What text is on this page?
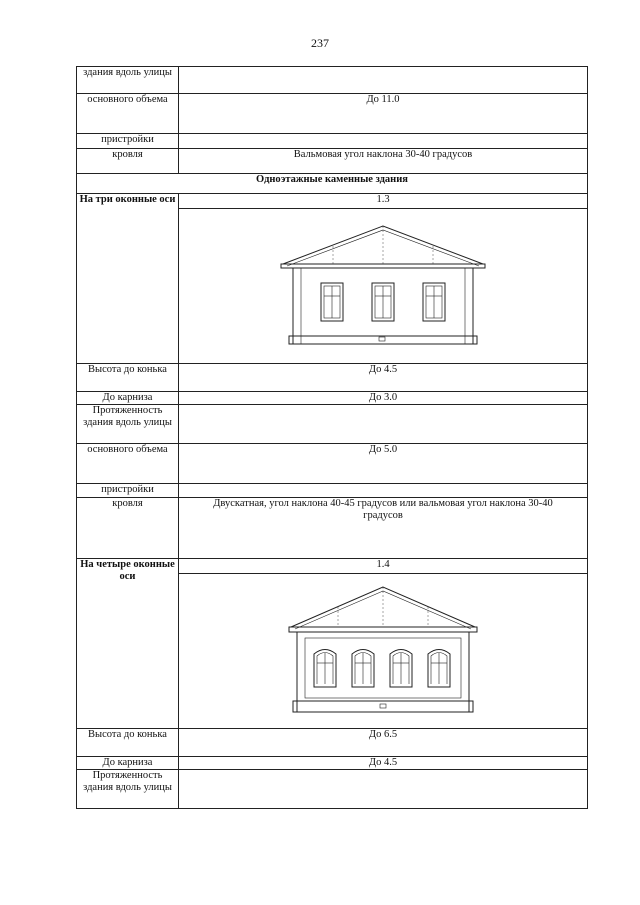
237
здания вдоль улицы	
основного объема	До 11.0
пристройки	
кровля	Вальмовая угол наклона 30-40 градусов
Одноэтажные каменные здания	
На три оконные оси	1.3

Высота до конька	До 4.5
До карниза	До 3.0
Протяженность здания вдоль улицы	
основного объема	До 5.0
пристройки	
кровля	Двускатная, угол наклона 40-45 градусов или вальмовая угол наклона 30-40 градусов
На четыре оконные оси	1.4

Высота до конька	До 6.5
До карниза	До 4.5
Протяженность здания вдоль улицы	
